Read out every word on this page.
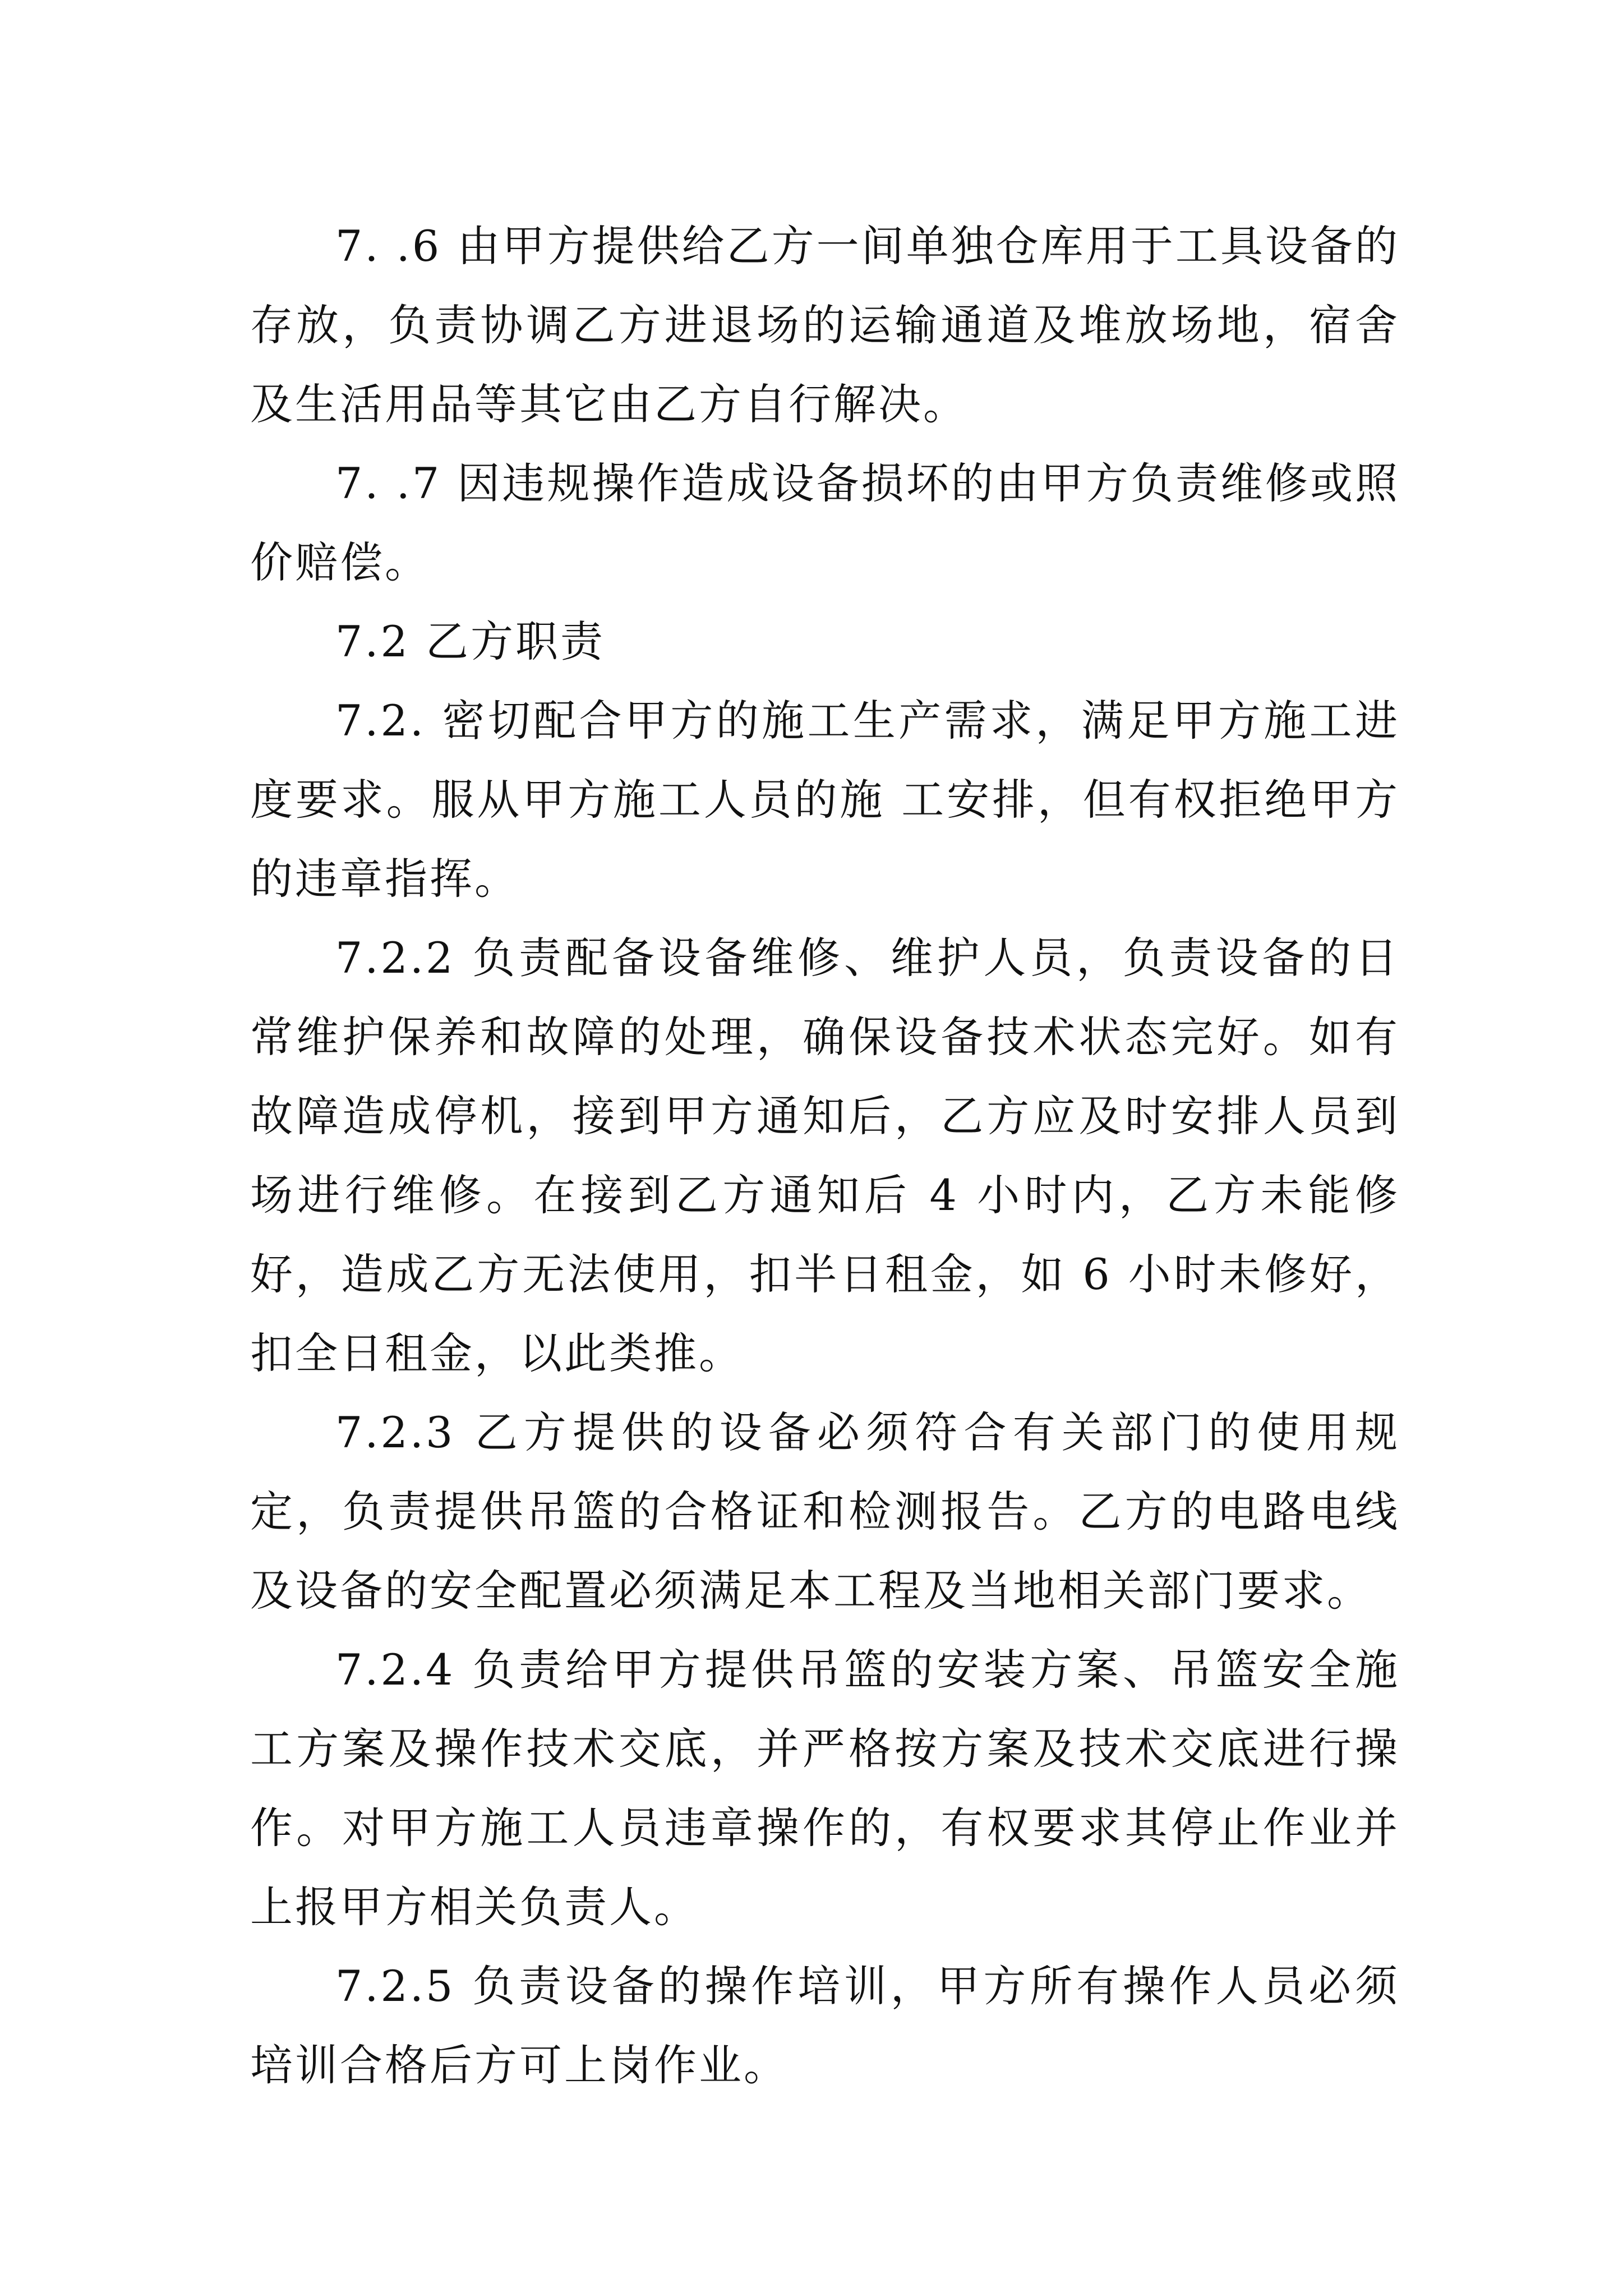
7. .6 由甲方提供给乙方一间单独仓库用于工具设备的存放，负责协调乙方进退场的运输通道及堆放场地，宿舍及生活用品等其它由乙方自行解决。

7. .7 因违规操作造成设备损坏的由甲方负责维修或照价赔偿。

7.2 乙方职责

7.2. 密切配合甲方的施工生产需求，满足甲方施工进度要求。服从甲方施工人员的施 工安排，但有权拒绝甲方的违章指挥。

7.2.2 负责配备设备维修、维护人员，负责设备的日常维护保养和故障的处理，确保设备技术状态完好。如有故障造成停机，接到甲方通知后，乙方应及时安排人员到场进行维修。在接到乙方通知后 4 小时内，乙方未能修好，造成乙方无法使用，扣半日租金，如 6 小时未修好，扣全日租金，以此类推。

7.2.3 乙方提供的设备必须符合有关部门的使用规定，负责提供吊篮的合格证和检测报告。乙方的电路电线及设备的安全配置必须满足本工程及当地相关部门要求。

7.2.4 负责给甲方提供吊篮的安装方案、吊篮安全施工方案及操作技术交底，并严格按方案及技术交底进行操作。对甲方施工人员违章操作的，有权要求其停止作业并上报甲方相关负责人。

7.2.5 负责设备的操作培训，甲方所有操作人员必须培训合格后方可上岗作业。
